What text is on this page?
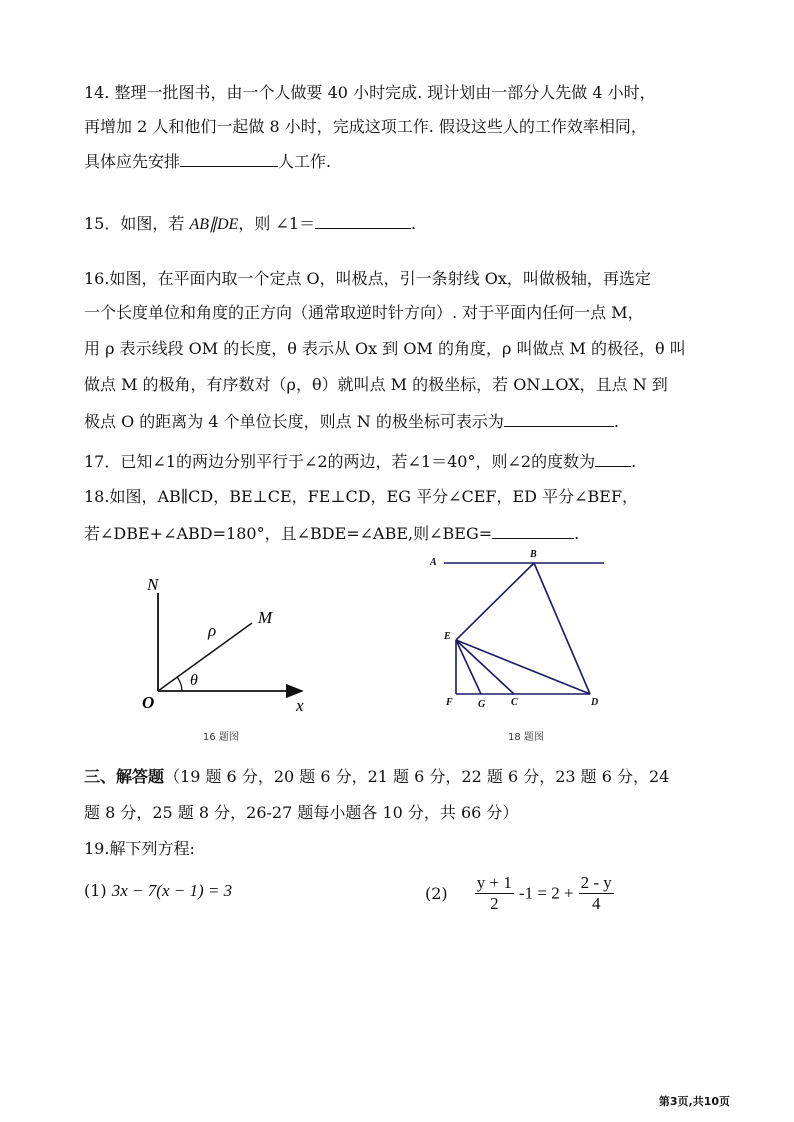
14. 整理一批图书，由一个人做要 40 小时完成. 现计划由一部分人先做 4 小时，
再增加 2 人和他们一起做 8 小时，完成这项工作. 假设这些人的工作效率相同，
具体应先安排	人工作.
15．如图，若 AB∥DE，则 ∠1＝	.
16.如图，在平面内取一个定点 O，叫极点，引一条射线 Ox，叫做极轴，再选定
一个长度单位和角度的正方向（通常取逆时针方向）. 对于平面内任何一点 M，
用 ρ 表示线段 OM 的长度，θ 表示从 Ox 到 OM 的角度，ρ 叫做点 M 的极径，θ 叫
做点 M 的极角，有序数对（ρ，θ）就叫点 M 的极坐标，若 ON⊥OX，且点 N 到
极点 O 的距离为 4 个单位长度，则点 N 的极坐标可表示为	.
17．已知∠1的两边分别平行于∠2的两边，若∠1＝40°，则∠2的度数为 .
18.如图，AB∥CD，BE⊥CE，FE⊥CD，EG 平分∠CEF，ED 平分∠BEF，
若∠DBE+∠ABD=180°，且∠BDE=∠ABE,则∠BEG=	.
N
M
O	x
ρ
θ
16 题图
A
B
E
F	G	C	D
18 题图
三、解答题（19 题 6 分，20 题 6 分，21 题 6 分，22 题 6 分，23 题 6 分，24
题 8 分，25 题 8 分，26-27 题每小题各 10 分，共 66 分）
19.解下列方程:
(1) 3x − 7(x − 1) = 3	$(2) \frac{y + 1}{2} -1 = 2 + \frac{2 - y}{4}$
第3页,共10页
